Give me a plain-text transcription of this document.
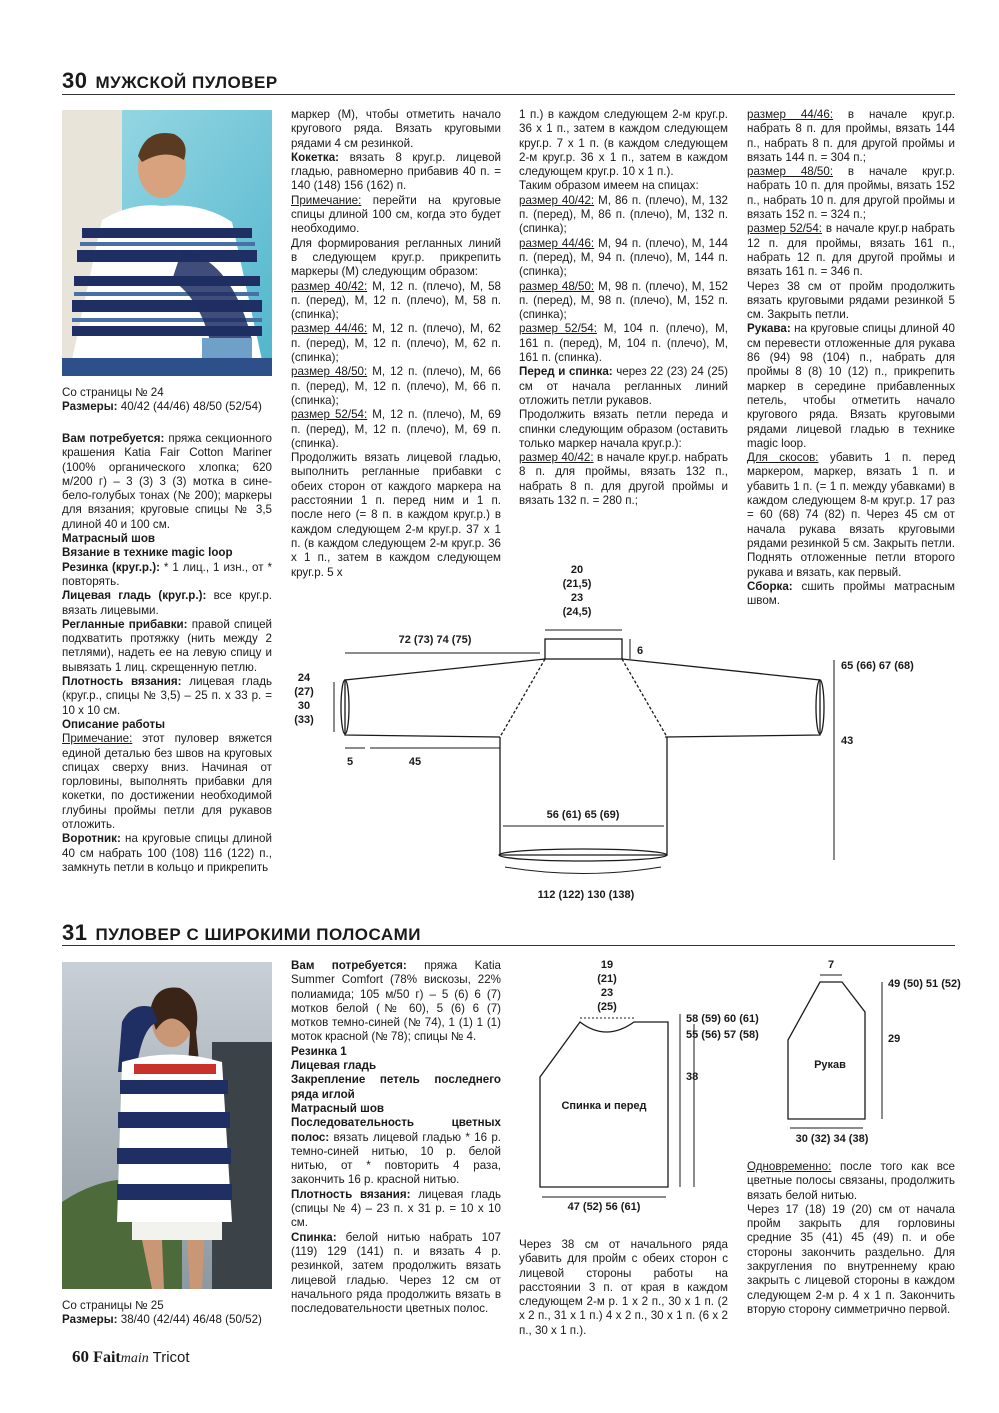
30 МУЖСКОЙ ПУЛОВЕР
Со страницы № 24
Размеры: 40/42 (44/46) 48/50 (52/54)

Вам потребуется: пряжа секционного крашения Katia Fair Cotton Mariner (100% органического хлопка; 620 м/200 г) – 3 (3) 3 (3) мотка в сине-бело-голубых тонах (№ 200); маркеры для вязания; круговые спицы № 3,5 длиной 40 и 100 см.

Матрасный шов

Вязание в технике magic loop

Резинка (круг.р.): * 1 лиц., 1 изн., от * повторять.

Лицевая гладь (круг.р.): все круг.р. вязать лицевыми.

Регланные прибавки: правой спицей подхватить протяжку (нить между 2 петлями), надеть ее на левую спицу и вывязать 1 лиц. скрещенную петлю.

Плотность вязания: лицевая гладь (круг.р., спицы № 3,5) – 25 п. х 33 р. = 10 х 10 см.

Описание работы

Примечание: этот пуловер вяжется единой деталью без швов на круговых спицах сверху вниз. Начиная от горловины, выполнять прибавки для кокетки, по достижении необходимой глубины проймы петли для рукавов отложить.

Воротник: на круговые спицы длиной 40 см набрать 100 (108) 116 (122) п., замкнуть петли в кольцо и прикрепить

маркер (М), чтобы отметить начало кругового ряда. Вязать круговыми рядами 4 см резинкой.

Кокетка: вязать 8 круг.р. лицевой гладью, равномерно прибавив 40 п. = 140 (148) 156 (162) п.

Примечание: перейти на круговые спицы длиной 100 см, когда это будет необходимо.

Для формирования регланных линий в следующем круг.р. прикрепить маркеры (М) следующим образом:

размер 40/42: М, 12 п. (плечо), М, 58 п. (перед), М, 12 п. (плечо), М, 58 п. (спинка);

размер 44/46: М, 12 п. (плечо), М, 62 п. (перед), М, 12 п. (плечо), М, 62 п. (спинка);

размер 48/50: М, 12 п. (плечо), М, 66 п. (перед), М, 12 п. (плечо), М, 66 п. (спинка);

размер 52/54: М, 12 п. (плечо), М, 69 п. (перед), М, 12 п. (плечо), М, 69 п. (спинка).

Продолжить вязать лицевой гладью, выполнить регланные прибавки с обеих сторон от каждого маркера на расстоянии 1 п. перед ним и 1 п. после него (= 8 п. в каждом круг.р.) в каждом следующем 2-м круг.р. 37 х 1 п. (в каждом следующем 2-м круг.р. 36 х 1 п., затем в каждом следующем круг.р. 5 х

1 п.) в каждом следующем 2-м круг.р. 36 х 1 п., затем в каждом следующем круг.р. 7 х 1 п. (в каждом следующем 2-м круг.р. 36 х 1 п., затем в каждом следующем круг.р. 10 х 1 п.).

Таким образом имеем на спицах:

размер 40/42: М, 86 п. (плечо), М, 132 п. (перед), М, 86 п. (плечо), М, 132 п. (спинка);

размер 44/46: М, 94 п. (плечо), М, 144 п. (перед), М, 94 п. (плечо), М, 144 п. (спинка);

размер 48/50: М, 98 п. (плечо), М, 152 п. (перед), М, 98 п. (плечо), М, 152 п. (спинка);

размер 52/54: М, 104 п. (плечо), М, 161 п. (перед), М, 104 п. (плечо), М, 161 п. (спинка).

Перед и спинка: через 22 (23) 24 (25) см от начала регланных линий отложить петли рукавов.

Продолжить вязать петли переда и спинки следующим образом (оставить только маркер начала круг.р.):

размер 40/42: в начале круг.р. набрать 8 п. для проймы, вязать 132 п., набрать 8 п. для другой проймы и вязать 132 п. = 280 п.;

размер 44/46: в начале круг.р. набрать 8 п. для проймы, вязать 144 п., набрать 8 п. для другой проймы и вязать 144 п. = 304 п.;

размер 48/50: в начале круг.р. набрать 10 п. для проймы, вязать 152 п., набрать 10 п. для другой проймы и вязать 152 п. = 324 п.;

размер 52/54: в начале круг.р набрать 12 п. для проймы, вязать 161 п., набрать 12 п. для другой проймы и вязать 161 п. = 346 п.

Через 38 см от пройм продолжить вязать круговыми рядами резинкой 5 см. Закрыть петли.

Рукава: на круговые спицы длиной 40 см перевести отложенные для рукава 86 (94) 98 (104) п., набрать для проймы 8 (8) 10 (12) п., прикрепить маркер в середине прибавленных петель, чтобы отметить начало кругового ряда. Вязать круговыми рядами лицевой гладью в технике magic loop.

Для скосов: убавить 1 п. перед маркером, маркер, вязать 1 п. и убавить 1 п. (= 1 п. между убавками) в каждом следующем 8-м круг.р. 17 раз = 60 (68) 74 (82) п. Через 45 см от начала рукава вязать круговыми рядами резинкой 5 см. Закрыть петли. Поднять отложенные петли второго рукава и вязать, как первый.

Сборка: сшить проймы матрасным швом.

20
(21,5)
23
(24,5)
72 (73) 74 (75)
6
24
(27)
30
(33)
5	45
56 (61) 65 (69)
112 (122) 130 (138)
65 (66) 67 (68)
43
31 ПУЛОВЕР С ШИРОКИМИ ПОЛОСАМИ
Со страницы № 25
Размеры: 38/40 (42/44) 46/48 (50/52)

Вам потребуется: пряжа Katia Summer Comfort (78% вискозы, 22% полиамида; 105 м/50 г) – 5 (6) 6 (7) мотков белой (№ 60), 5 (6) 6 (7) мотков темно-синей (№ 74), 1 (1) 1 (1) моток красной (№ 78); спицы № 4.

Резинка 1

Лицевая гладь

Закрепление петель последнего ряда иглой

Матрасный шов

Последовательность цветных полос: вязать лицевой гладью * 16 р. темно-синей нитью, 10 р. белой нитью, от * повторить 4 раза, закончить 16 р. красной нитью.

Плотность вязания: лицевая гладь (спицы № 4) – 23 п. х 31 р. = 10 х 10 см.

Спинка: белой нитью набрать 107 (119) 129 (141) п. и вязать 4 р. резинкой, затем продолжить вязать лицевой гладью. Через 12 см от начального ряда продолжить вязать в последовательности цветных полос.

Через 38 см от начального ряда убавить для пройм с обеих сторон с лицевой стороны работы на расстоянии 3 п. от края в каждом следующем 2-м р. 1 х 2 п., 30 х 1 п. (2 х 2 п., 31 х 1 п.) 4 х 2 п., 30 х 1 п. (6 х 2 п., 30 х 1 п.).

Одновременно: после того как все цветные полосы связаны, продолжить вязать белой нитью.

Через 17 (18) 19 (20) см от начала пройм закрыть для горловины средние 35 (41) 45 (49) п. и обе стороны закончить раздельно. Для закругления по внутреннему краю закрыть с лицевой стороны в каждом следующем 2-м р. 4 х 1 п. Закончить вторую сторону симметрично первой.

19
(21)
23
(25)
58 (59) 60 (61)
55 (56) 57 (58)
38
Спинка и перед
47 (52) 56 (61)
7
49 (50) 51 (52)
29
Рукав
30 (32) 34 (38)
60 Faitmain Tricot
